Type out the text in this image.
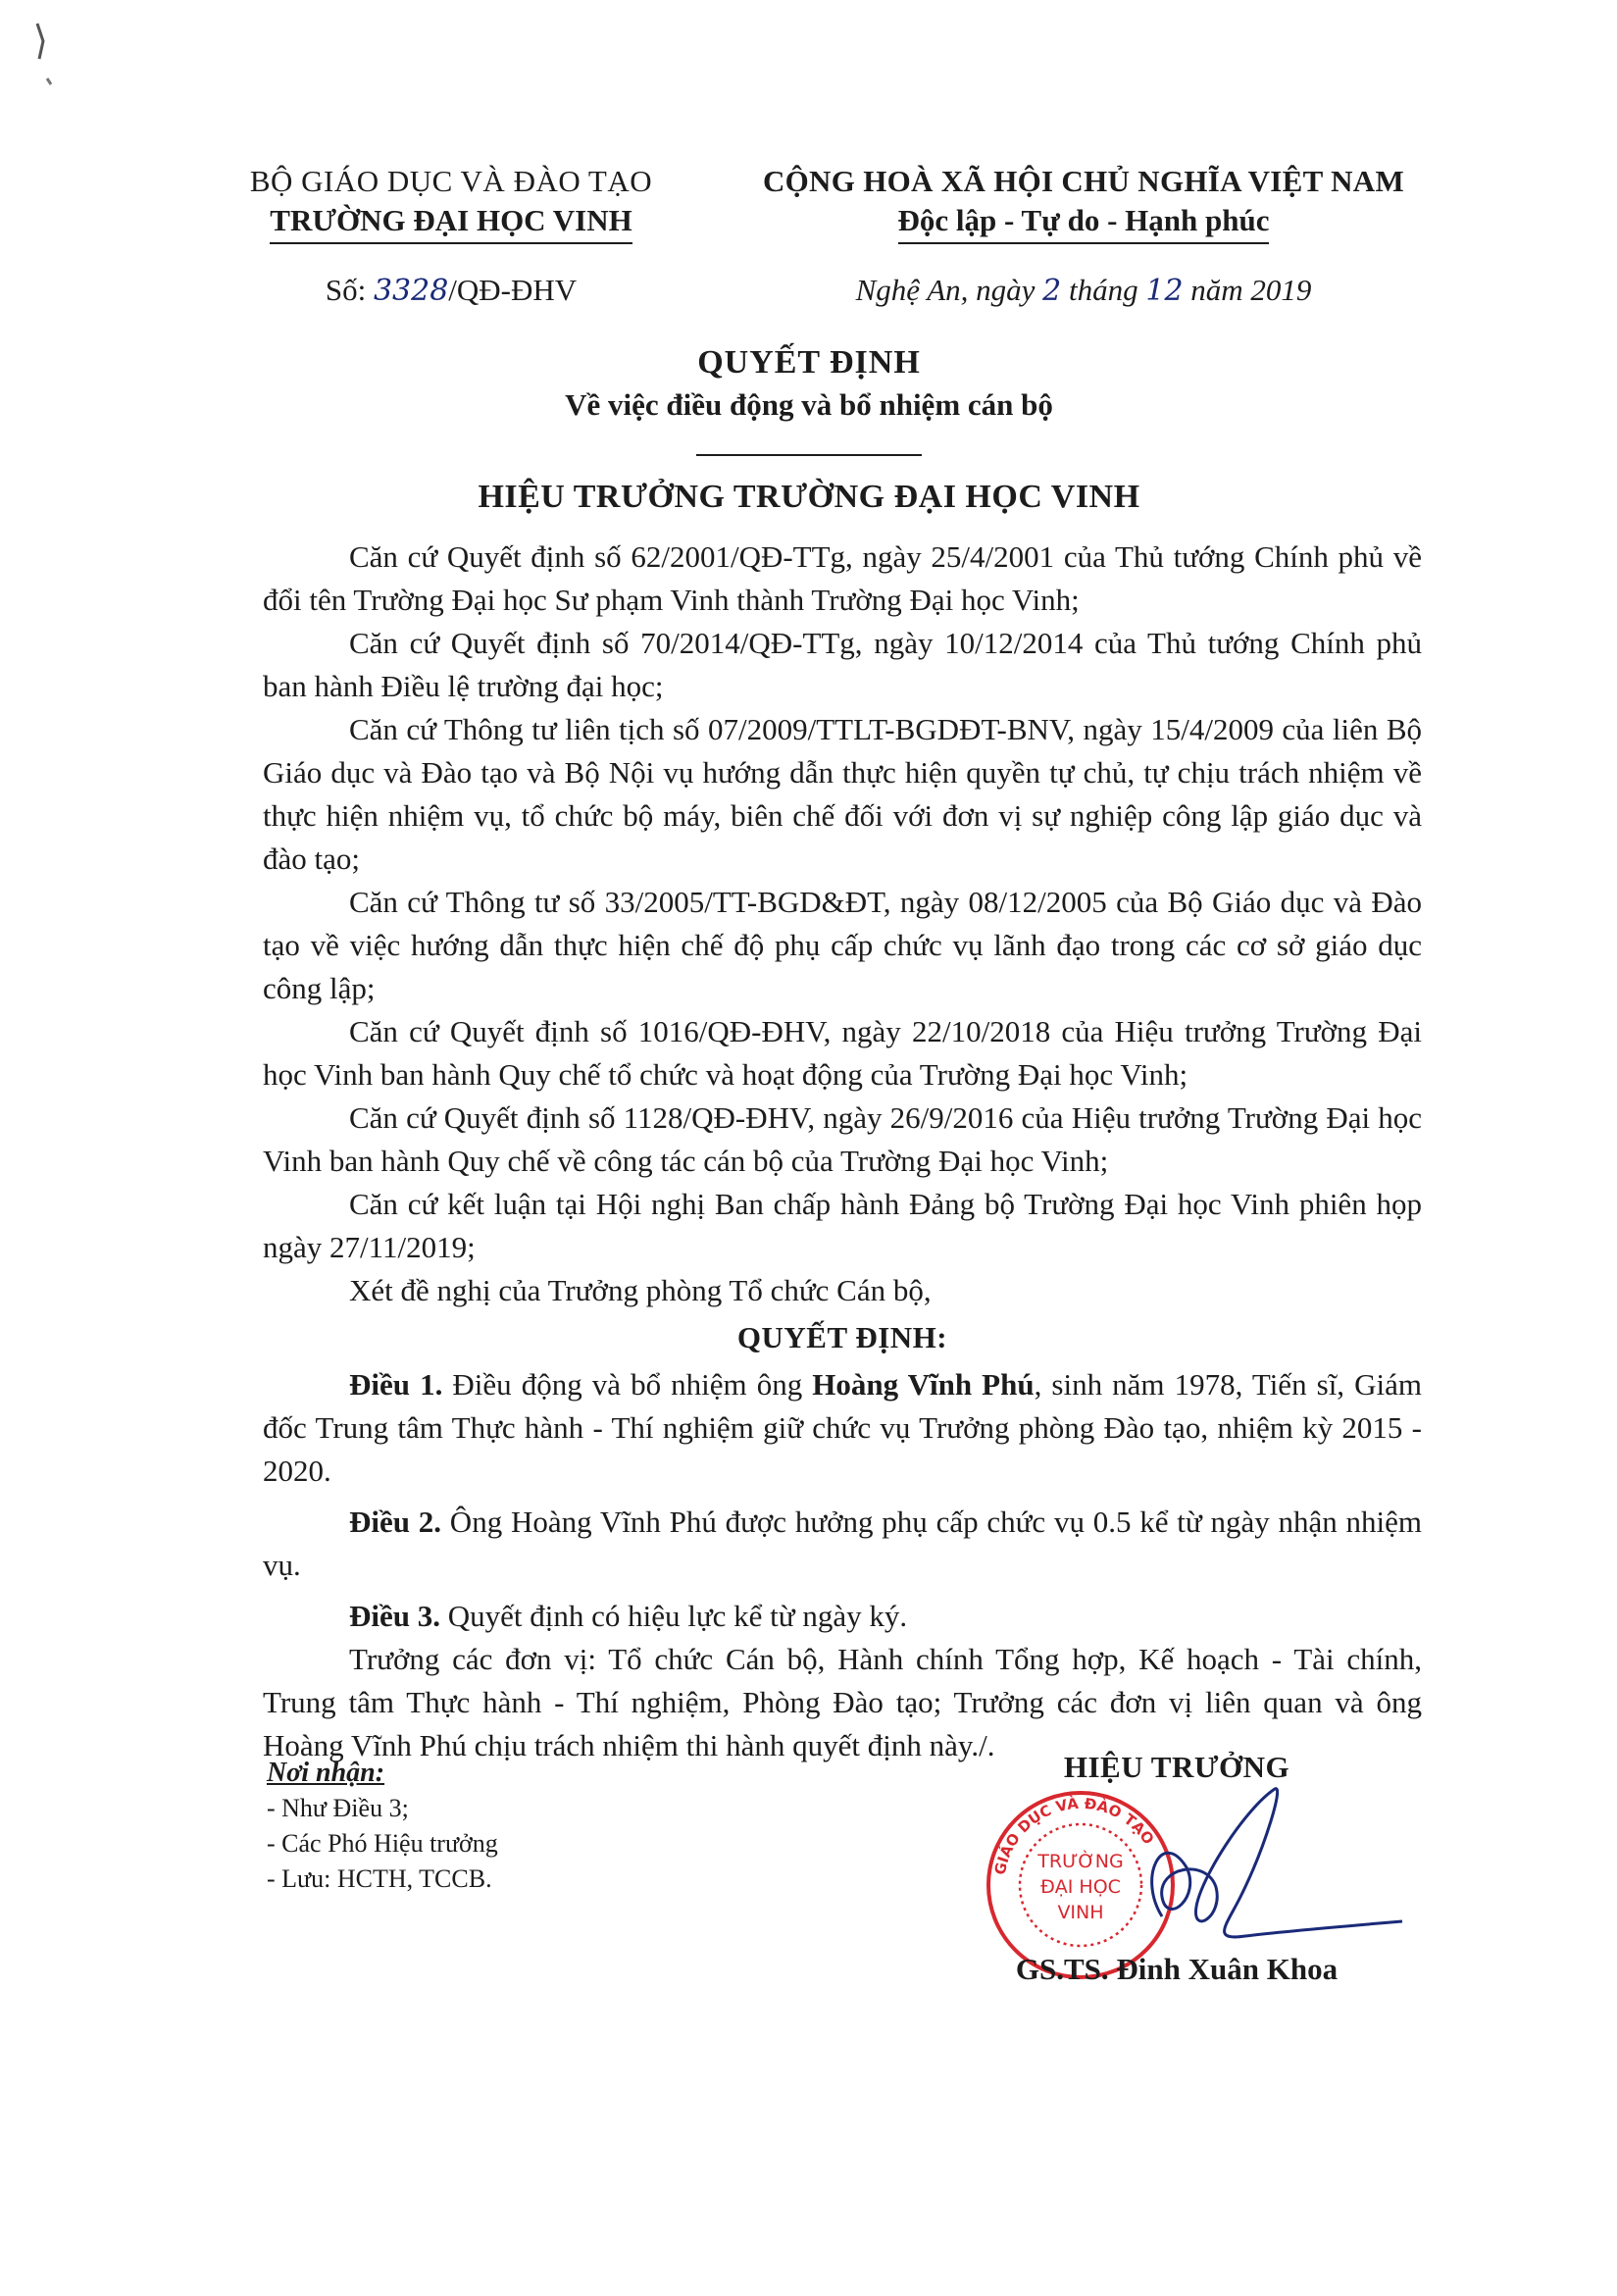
BỘ GIÁO DỤC VÀ ĐÀO TẠO
TRƯỜNG ĐẠI HỌC VINH
CỘNG HOÀ XÃ HỘI CHỦ NGHĨA VIỆT NAM
Độc lập - Tự do - Hạnh phúc
Số: 3328/QĐ-ĐHV	Nghệ An, ngày 2 tháng 12 năm 2019
QUYẾT ĐỊNH
Về việc điều động và bổ nhiệm cán bộ
HIỆU TRƯỞNG TRƯỜNG ĐẠI HỌC VINH

Căn cứ Quyết định số 62/2001/QĐ-TTg, ngày 25/4/2001 của Thủ tướng Chính phủ về đổi tên Trường Đại học Sư phạm Vinh thành Trường Đại học Vinh;

Căn cứ Quyết định số 70/2014/QĐ-TTg, ngày 10/12/2014 của Thủ tướng Chính phủ ban hành Điều lệ trường đại học;

Căn cứ Thông tư liên tịch số 07/2009/TTLT-BGDĐT-BNV, ngày 15/4/2009 của liên Bộ Giáo dục và Đào tạo và Bộ Nội vụ hướng dẫn thực hiện quyền tự chủ, tự chịu trách nhiệm về thực hiện nhiệm vụ, tổ chức bộ máy, biên chế đối với đơn vị sự nghiệp công lập giáo dục và đào tạo;

Căn cứ Thông tư số 33/2005/TT-BGD&ĐT, ngày 08/12/2005 của Bộ Giáo dục và Đào tạo về việc hướng dẫn thực hiện chế độ phụ cấp chức vụ lãnh đạo trong các cơ sở giáo dục công lập;

Căn cứ Quyết định số 1016/QĐ-ĐHV, ngày 22/10/2018 của Hiệu trưởng Trường Đại học Vinh ban hành Quy chế tổ chức và hoạt động của Trường Đại học Vinh;

Căn cứ Quyết định số 1128/QĐ-ĐHV, ngày 26/9/2016 của Hiệu trưởng Trường Đại học Vinh ban hành Quy chế về công tác cán bộ của Trường Đại học Vinh;

Căn cứ kết luận tại Hội nghị Ban chấp hành Đảng bộ Trường Đại học Vinh phiên họp ngày 27/11/2019;

Xét đề nghị của Trưởng phòng Tổ chức Cán bộ,

QUYẾT ĐỊNH:

Điều 1. Điều động và bổ nhiệm ông Hoàng Vĩnh Phú, sinh năm 1978, Tiến sĩ, Giám đốc Trung tâm Thực hành - Thí nghiệm giữ chức vụ Trưởng phòng Đào tạo, nhiệm kỳ 2015 - 2020.

Điều 2. Ông Hoàng Vĩnh Phú được hưởng phụ cấp chức vụ 0.5 kể từ ngày nhận nhiệm vụ.

Điều 3. Quyết định có hiệu lực kể từ ngày ký.

Trưởng các đơn vị: Tổ chức Cán bộ, Hành chính Tổng hợp, Kế hoạch - Tài chính, Trung tâm Thực hành - Thí nghiệm, Phòng Đào tạo; Trưởng các đơn vị liên quan và ông Hoàng Vĩnh Phú chịu trách nhiệm thi hành quyết định này./.

Nơi nhận:
- Như Điều 3;
- Các Phó Hiệu trưởng
- Lưu: HCTH, TCCB.
HIỆU TRƯỞNG
GIÁO DỤC VÀ ĐÀO TẠO
TRƯỜNG
ĐẠI HỌC
VINH
GS.TS. Đinh Xuân Khoa
